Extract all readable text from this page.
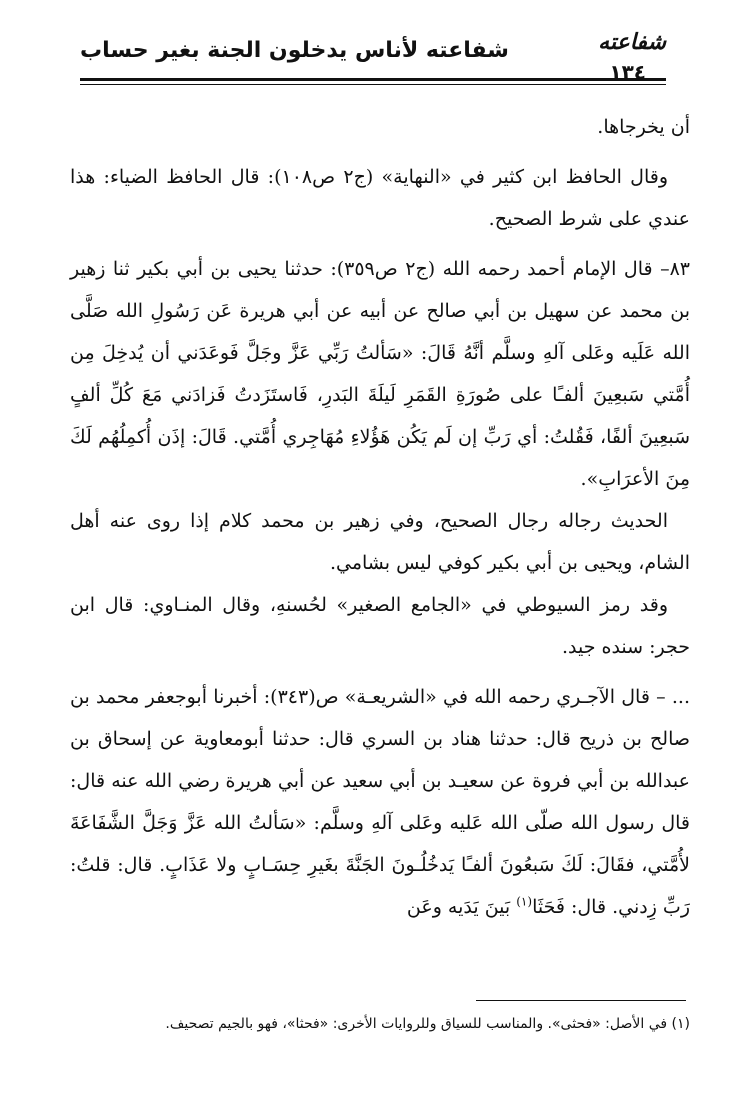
شفاعته
١٣٤
شفاعته لأناس يدخلون الجنة بغير حساب

أن يخرجاها.

وقال الحافظ ابن كثير في «النهاية» (ج٢ ص١٠٨): قال الحافظ الضياء: هذا عندي على شرط الصحيح.

٨٣– قال الإمام أحمد رحمه الله (ج٢ ص٣٥٩): حدثنا يحيى بن أبي بكير ثنا زهير بن محمد عن سهيل بن أبي صالح عن أبيه عن أبي هريرة عَن رَسُولِ الله صَلَّى الله عَلَيه وعَلى آلهِ وسلَّم أنَّهُ قَالَ: «سَألتُ رَبِّي عَزَّ وجَلَّ فَوعَدَني أن يُدخِلَ مِن أُمَّتي سَبعِينَ ألفـًا على صُورَةِ القَمَرِ لَيلَةَ البَدرِ، فَاستَزَدتُ فَزادَني مَعَ كُلِّ ألفٍ سَبعِينَ ألفًا، فَقُلتُ: أي رَبِّ إن لَم يَكُن هَؤُلاءِ مُهَاجِري أُمَّتي. قَالَ: إذَن أُكمِلُهُم لَكَ مِنَ الأعرَابِ».

الحديث رجاله رجال الصحيح، وفي زهير بن محمد كلام إذا روى عنه أهل الشام، ويحيى بن أبي بكير كوفي ليس بشامي.

وقد رمز السيوطي في «الجامع الصغير» لحُسنهِ، وقال المنـاوي: قال ابن حجر: سنده جيد.

... – قال الآجـري رحمه الله في «الشريعـة» ص(٣٤٣): أخبرنا أبوجعفر محمد بن صالح بن ذريح قال: حدثنا هناد بن السري قال: حدثنا أبومعاوية عن إسحاق بن عبدالله بن أبي فروة عن سعيـد بن أبي سعيد عن أبي هريرة رضي الله عنه قال: قال رسول الله صلّى الله عَليه وعَلى آلهِ وسلَّم: «سَألتُ الله عَزَّ وَجَلَّ الشَّفَاعَةَ لأُمَّتي، فقَالَ: لَكَ سَبعُونَ ألفـًا يَدخُلُـونَ الجَنَّةَ بغَيرِ حِسَـابٍ ولا عَذَابٍ. قال: قلتُ: رَبِّ زِدني. قال: فَحَثَا$^{(١)}$ بَينَ يَدَيه وعَن

(١) في الأصل: «فحثى». والمناسب للسياق وللروايات الأخرى: «فحثا»، فهو بالجيم تصحيف.
